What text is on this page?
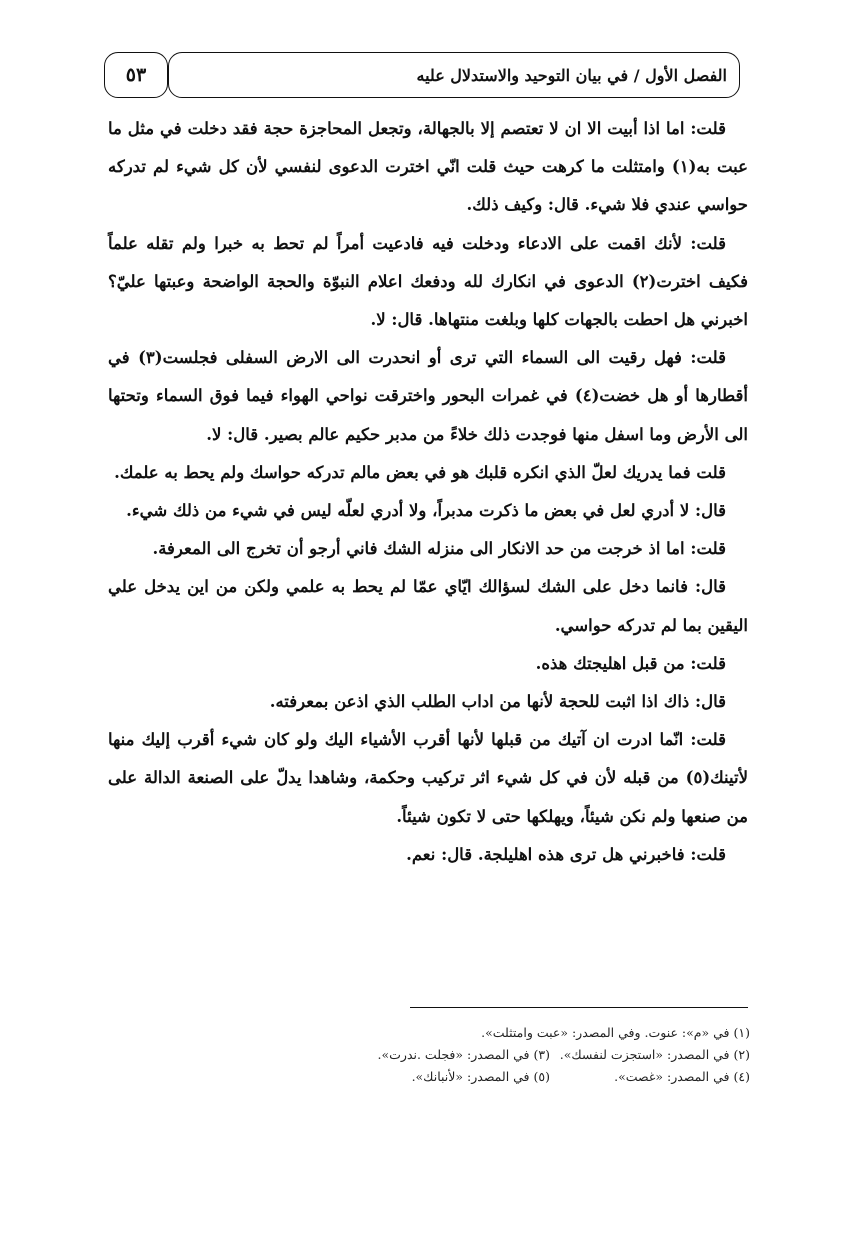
٥٣	الفصل الأول / في بيان التوحيد والاستدلال عليه

قلت: اما اذا أبيت الا ان لا تعتصم إلا بالجهالة، وتجعل المحاجزة حجة فقد دخلت في مثل ما عبت به(١) وامتثلت ما كرهت حيث قلت انّي اخترت الدعوى لنفسي لأن كل شيء لم تدركه حواسي عندي فلا شيء. قال: وكيف ذلك.

قلت: لأنك اقمت على الادعاء ودخلت فيه فادعيت أمراً لم تحط به خبرا ولم تقله علماً فكيف اخترت(٢) الدعوى في انكارك لله ودفعك اعلام النبوّة والحجة الواضحة وعبتها عليّ؟ اخبرني هل احطت بالجهات كلها وبلغت منتهاها. قال: لا.

قلت: فهل رقيت الى السماء التي ترى أو انحدرت الى الارض السفلى فجلست(٣) في أقطارها أو هل خضت(٤) في غمرات البحور واخترقت نواحي الهواء فيما فوق السماء وتحتها الى الأرض وما اسفل منها فوجدت ذلك خلاءً من مدبر حكيم عالم بصير. قال: لا.

قلت فما يدريك لعلّ الذي انكره قلبك هو في بعض مالم تدركه حواسك ولم يحط به علمك.

قال: لا أدري لعل في بعض ما ذكرت مدبراً، ولا أدري لعلّه ليس في شيء من ذلك شيء.

قلت: اما اذ خرجت من حد الانكار الى منزله الشك فاني أرجو أن تخرج الى المعرفة.

قال: فانما دخل على الشك لسؤالك ايّاي عمّا لم يحط به علمي ولكن من اين يدخل علي اليقين بما لم تدركه حواسي.

قلت: من قبل اهليجتك هذه.

قال: ذاك اذا اثبت للحجة لأنها من اداب الطلب الذي اذعن بمعرفته.

قلت: انّما ادرت ان آتيك من قبلها لأنها أقرب الأشياء اليك ولو كان شيء أقرب إليك منها لأتينك(٥) من قبله لأن في كل شيء اثر تركيب وحكمة، وشاهدا يدلّ على الصنعة الدالة على من صنعها ولم نكن شيئاً، ويهلكها حتى لا تكون شيئاً.

قلت: فاخبرني هل ترى هذه اهليلجة. قال: نعم.

(١) في «م»: عنوت. وفي المصدر: «عبت وامتثلت».
(٢) في المصدر: «استجزت لنفسك».
(٣) في المصدر: «فجلت .ندرت».
(٤) في المصدر: «غصت».
(٥) في المصدر: «لأنبانك».
